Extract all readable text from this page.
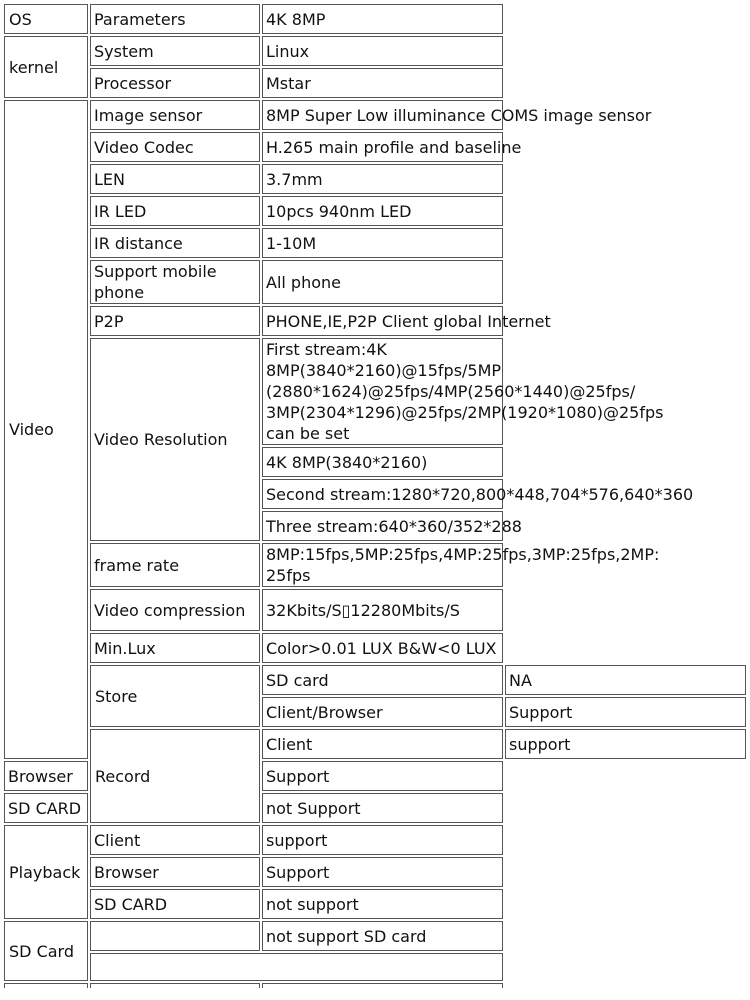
OS	Parameters	4K 8MP	
kernel	System	Linux	
	Processor	Mstar	
Video	Image sensor	8MP Super Low illuminance COMS image sensor	
	Video Codec	H.265 main profile and baseline	
	LEN	3.7mm	
	IR LED	10pcs 940nm LED	
	IR distance	1-10M	
	Support mobile phone	All phone	
	P2P	PHONE,IE,P2P Client global Internet	
	Video Resolution	First stream:4K 8MP(3840*2160)@15fps/5MP (2880*1624)@25fps/4MP(2560*1440)@25fps/ 3MP(2304*1296)@25fps/2MP(1920*1080)@25fps can be set	
		4K 8MP(3840*2160)	
		Second stream:1280*720,800*448,704*576,640*360	
		Three stream:640*360/352*288	
	frame rate	8MP:15fps,5MP:25fps,4MP:25fps,3MP:25fps,2MP: 25fps	
	Video compression	32Kbits/S▯12280Mbits/S	
	Min.Lux	Color>0.01 LUX B&W<0 LUX	
	Store	SD card	NA
		Client/Browser	Support
	Record	Client	support
Browser		Support	
SD CARD		not Support	
Playback	Client	support	
	Browser	Support	
	SD CARD	not support	
SD Card		not support SD card	
